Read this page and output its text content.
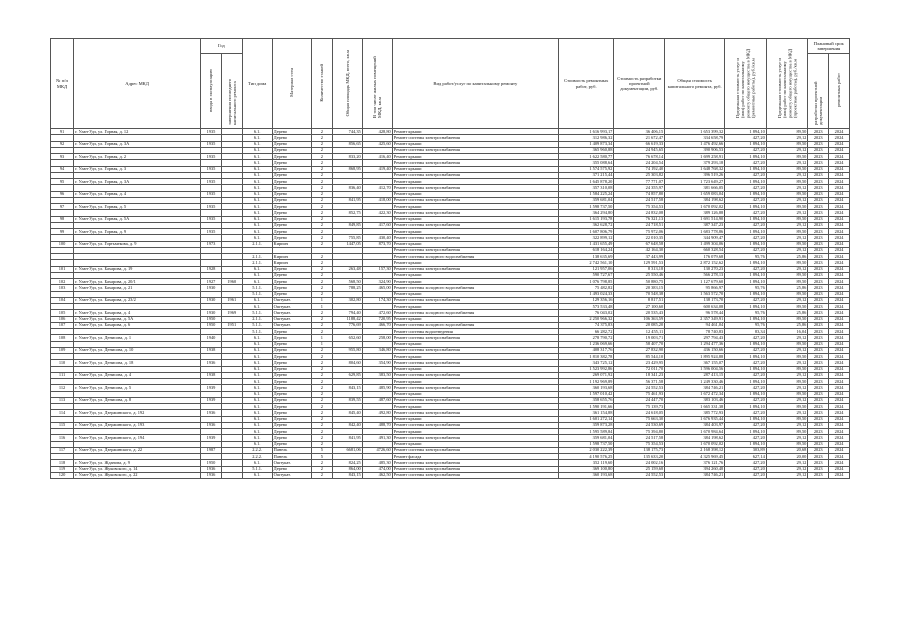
№ п/п МКД	Адрес МКД	Год		Тип дома	Материал стен	Количество этажей	Общая площадь МКД, всего, кв.м	В том числе жилых помещений МКД, кв.м	Вид работ/услуг по капитальному ремонту	Стоимость ремонтных работ, руб.	Стоимость разработки проектной документации, руб.	Общая стоимость капитального ремонта, руб.	Предельная стоимость услуг и (или) работ по капитальному ремонту общего имущества в МКД (ремонтные работы), руб./кв.м	Предельная стоимость услуг и (или) работ по капитальному ремонту общего имущества в МКД (проектные работы), руб./кв.м	Плановый срок завершения	
		ввода в эксплуатацию	завершения последнего капитального ремонта												разработки проектной документации	ремонтных работ
91	г. Улан-Удэ, ул. Горная, д. 12	1935		6.1.	Дерево	2	744,35	428,80	Ремонт крыши	1 616 993,17	36 406,15	1 653 399,32	1 894,10	89,50	2023	2024
				6.1.	Дерево	2			Ремонт системы электроснабжения	312 986,32	21 672,47	334 658,79	427,20	29,12	2023	2024
92	г. Улан-Удэ, ул. Горная, д. 3А	1935		6.1.	Дерево	2	856,65	425,60	Ремонт крыши	1 409 873,34	66 619,33	1 476 492,66	1 894,10	89,50	2023	2024
				6.1.	Дерево	2			Ремонт системы электроснабжения	365 960,88	24 945,65	390 906,53	427,20	29,12	2023	2024
93	г. Улан-Удэ, ул. Горная, д. 2	1935		6.1.	Дерево	2	833,20	416,40	Ремонт крыши	1 622 580,77	76 678,14	1 699 258,91	1 894,10	89,50	2023	2024
				6.1.	Дерево	2			Ремонт системы электроснабжения	355 088,64	24 204,54	379 293,18	427,20	29,12	2023	2024
94	г. Улан-Удэ, ул. Горная, д. 3	1935		6.1.	Дерево	2	868,95	419,40	Ремонт крыши	1 574 575,92	74 192,40	1 648 768,32	1 894,10	89,50	2023	2024
				6.1.	Дерево	2			Ремонт системы электроснабжения	371 215,44	25 303,82	396 519,26	427,20	29,12	2023	2024
95	г. Улан-Удэ, ул. Горная, д. 3А	1935		6.1.	Дерево	2			Ремонт крыши	1 645 878,20	77 771,07	1 723 649,27	1 894,10	89,50	2023	2024
				6.1.	Дерево	2	836,40	412,70	Ремонт системы электроснабжения	357 310,08	24 355,97	381 666,05	427,20	29,12	2023	2024
96	г. Улан-Удэ, ул. Горная, д. 4	1935		6.1.	Дерево	2			Ремонт крыши	1 584 225,24	74 857,80	1 659 083,04	1 894,10	89,50	2023	2024
				6.1.	Дерево	2	841,95	418,00	Ремонт системы электроснабжения	359 681,04	24 517,58	384 198,62	427,20	29,12	2023	2024
97	г. Улан-Удэ, ул. Горная, д. 5	1935		6.1.	Дерево	2			Ремонт крыши	1 598 737,50	75 354,53	1 670 092,02	1 894,10	89,50	2023	2024
				6.1.	Дерево	2	852,75	422,30	Ремонт системы электроснабжения	364 294,80	24 832,08	389 126,88	427,20	29,12	2023	2024
98	г. Улан-Удэ, ул. Горная, д. 5А	1935		6.1.	Дерево	2			Ремонт крыши	1 615 193,78	76 321,13	1 691 514,90	1 894,10	89,50	2023	2024
				6.1.	Дерево	2	849,85	417,60	Ремонт системы электроснабжения	362 628,72	24 718,51	387 347,23	427,20	29,12	2023	2024
99	г. Улан-Удэ, ул. Горная, д. 9	1935		6.1.	Дерево	2			Ремонт крыши	1 607 806,79	75 972,06	1 683 778,86	1 894,10	89,50	2023	2024
				6.1.	Дерево	2	755,85	430,40	Ремонт системы электроснабжения	322 899,12	22 010,35	344 909,47	427,20	29,12	2023	2024
100	г. Улан-Удэ, ул. Гортьмекова, д. 9	1973		2.1.1.	Кирпич	2	1447,05	873,70	Ремонт крыши	1 431 655,49	67 648,58	1 499 304,06	1 894,10	89,50	2023	2024
									Ремонт системы электроснабжения	618 164,24	42 164,30	660 328,54	427,20	29,12	2023	2024
				2.1.1.	Кирпич	2			Ремонт системы холодного водоснабжения	138 635,69	37 443,99	176 079,68	95,76	25,86	2023	2024
				2.1.1.	Кирпич	2			Ремонт крыши	2 742 561,10	129 591,53	2 872 152,62	1 894,10	89,50	2023	2024
101	г. Улан-Удэ, ул. Бахарова, д. 19	1928		6.1.	Дерево	2	263,48	157,30	Ремонт системы электроснабжения	121 957,06	8 313,18	130 270,23	427,20	29,12	2023	2024
				6.1.	Дерево	2			Ремонт крыши	590 727,67	25 550,46	566 278,13	1 894,10	89,50	2023	2024
102	г. Улан-Удэ, ул. Бахарова, д. 20/1	1927	1960	6.1.	Дерево	2	568,50	324,90	Ремонт крыши	1 076 798,85	50 880,75	1 127 679,60	1 894,10	89,50	2023	2024
103	г. Улан-Удэ, ул. Бахарова, д. 21	1930		5.1.1.	Дерево	2	788,25	465,00	Ремонт системы холодного водоснабжения	75 482,82	20 383,15	95 866,97	95,76	25,86	2023	2024
				5.1.1.	Дерево	2			Ремонт крыши	1 493 024,33	70 548,38	1 563 572,70	1 894,10	89,50	2023	2024
104	г. Улан-Удэ, ул. Бахарова, д. 23/2	1930	1961	6.1.	Оштукат.	1	302,80	174,30	Ремонт системы электроснабжения	129 356,16	8 817,51	138 173,70	427,20	29,12	2023	2024
				6.1.	Оштукат.	1			Ремонт крыши	573 533,48	27 100,60	600 634,08	1 894,10	89,50	2023	2024
105	г. Улан-Удэ, ул. Бахарова, д. 4	1930	1969	5.1.1.	Оштукат.	2	794,40	472,60	Ремонт системы холодного водоснабжения	76 043,02	20 535,43	96 578,44	95,76	25,86	2023	2024
106	г. Улан-Удэ, ул. Бахарова, д. 5А	1950		2.1.1.	Оштукат.	2	1188,42	720,95	Ремонт крыши	2 250 966,32	106 363,59	2 357 349,91	1 894,10	89,50	2023	2024
107	г. Улан-Удэ, ул. Бахарова, д. 6	1950	1951	5.1.1.	Оштукат.	2	776,69	466,70	Ремонт системы холодного водоснабжения	74 375,83	20 085,20	94 461,04	95,76	25,86	2023	2024
				5.1.1.	Дерево	2			Ремонт системы водоотведения	66 282,72	12 455,11	78 740,83	83,34	16,04	2023	2024
108	г. Улан-Удэ, ул. Денисова, д. 1	1940		6.1.	Дерево	1	652,60	258,00	Ремонт системы электроснабжения	278 790,72	19 003,71	297 794,43	427,20	29,12	2023	2024
				6.1.	Дерево	1			Ремонт крыши	1 236 069,66	58 407,70	1 294 477,36	1 894,10	89,50	2023	2024
109	г. Улан-Удэ, ул. Денисова, д. 10	1938		6.1.	Дерево	2	955,80	346,80	Ремонт системы электроснабжения	408 317,76	27 832,90	436 150,66	427,20	29,12	2023	2024
				6.1.	Дерево	2			Ремонт крыши	1 810 382,78	85 544,10	1 895 924,88	1 894,10	89,50	2023	2024
110	г. Улан-Удэ, ул. Денисова, д. 18	1936		6.1.	Дерево	2	804,60	354,90	Ремонт системы электроснабжения	343 725,12	23 429,95	367 155,07	427,20	29,12	2023	2024
				6.1.	Дерево	2			Ремонт крыши	1 523 992,86	72 011,70	1 596 004,56	1 894,10	89,50	2023	2024
111	г. Улан-Удэ, ул. Денисова, д. 4	1938		6.1.	Дерево	2	629,85	383,50	Ремонт системы электроснабжения	269 071,92	18 341,23	287 413,15	427,20	29,12	2023	2024
				6.1.	Дерево	2			Ремонт крыши	1 192 969,89	56 371,58	1 249 330,46	1 894,10	89,50	2023	2024
112	г. Улан-Удэ, ул. Денисова, д. 5	1939		6.1.	Дерево	2	843,15	485,90	Ремонт системы электроснабжения	360 193,68	24 552,53	384 746,21	427,20	29,12	2023	2024
				6.1.	Дерево	2			Ремонт крыши	1 597 010,42	75 461,93	1 672 472,34	1 894,10	89,50	2023	2024
113	г. Улан-Удэ, ул. Денисова, д. 8	1939		6.1.	Дерево	2	839,55	487,60	Ремонт системы электроснабжения	358 655,76	24 447,70	383 103,46	427,20	29,12	2023	2024
				6.1.	Дерево	2			Ремонт крыши	1 590 191,66	75 139,73	1 665 331,38	1 894,10	89,50	2023	2024
114	г. Улан-Удэ, ул. Дзержинского, д. 192	1936		6.1.	Дерево	2	845,40	492,80	Ремонт системы электроснабжения	361 154,88	24 618,05	385 772,93	427,20	29,12	2023	2024
				6.1.	Дерево	2			Ремонт крыши	1 601 272,14	75 663,30	1 676 935,44	1 894,10	89,50	2023	2024
115	г. Улан-Удэ, ул. Дзержинского, д. 193	1936		6.1.	Дерево	2	842,40	488,70	Ремонт системы электроснабжения	359 873,28	24 530,69	384 403,97	427,20	29,12	2023	2024
				6.1.	Дерево	2			Ремонт крыши	1 595 589,84	75 394,80	1 670 984,64	1 894,10	89,50	2023	2024
116	г. Улан-Удэ, ул. Дзержинского, д. 194	1939		6.1.	Дерево	2	841,95	491,30	Ремонт системы электроснабжения	359 681,04	24 517,58	384 198,62	427,20	29,12	2023	2024
				6.1.	Дерево	2			Ремонт крыши	1 598 737,50	75 354,53	1 670 092,02	1 894,10	89,50	2023	2024
117	г. Улан-Удэ, ул. Дзержинского, д. 22	1987		2.2.2.	Панель	5	6681,06	4726,60	Ремонт системы электроснабжения	2 030 222,39	138 175,73	2 168 398,12	303,89	20,68	2023	2024
				2.2.2.	Панель	5			Ремонт фасада	4 190 576,25	135 633,20	4 325 969,45	627,14	20,00	2023	2024
118	г. Улан-Удэ, ул. Жданова, д. 9	1950		6.1.	Оштукат.	2	824,25	485,30	Ремонт системы электроснабжения	352 119,60	24 002,16	376 121,76	427,20	29,12	2023	2024
119	г. Улан-Удэ, ул. Жуковского, д. 14	1936		5.1.1.	Дерево	2	864,00	474,00	Ремонт системы электроснабжения	369 100,80	25 159,68	394 260,48	427,20	29,12	2023	2024
120	г. Улан-Удэ, ул. Жуковского, д. 22	1936		6.1.	Оштукат.	2	843,15	462,50	Ремонт системы электроснабжения	360 193,68	24 552,53	384 746,21	427,20	29,12	2023	2024
